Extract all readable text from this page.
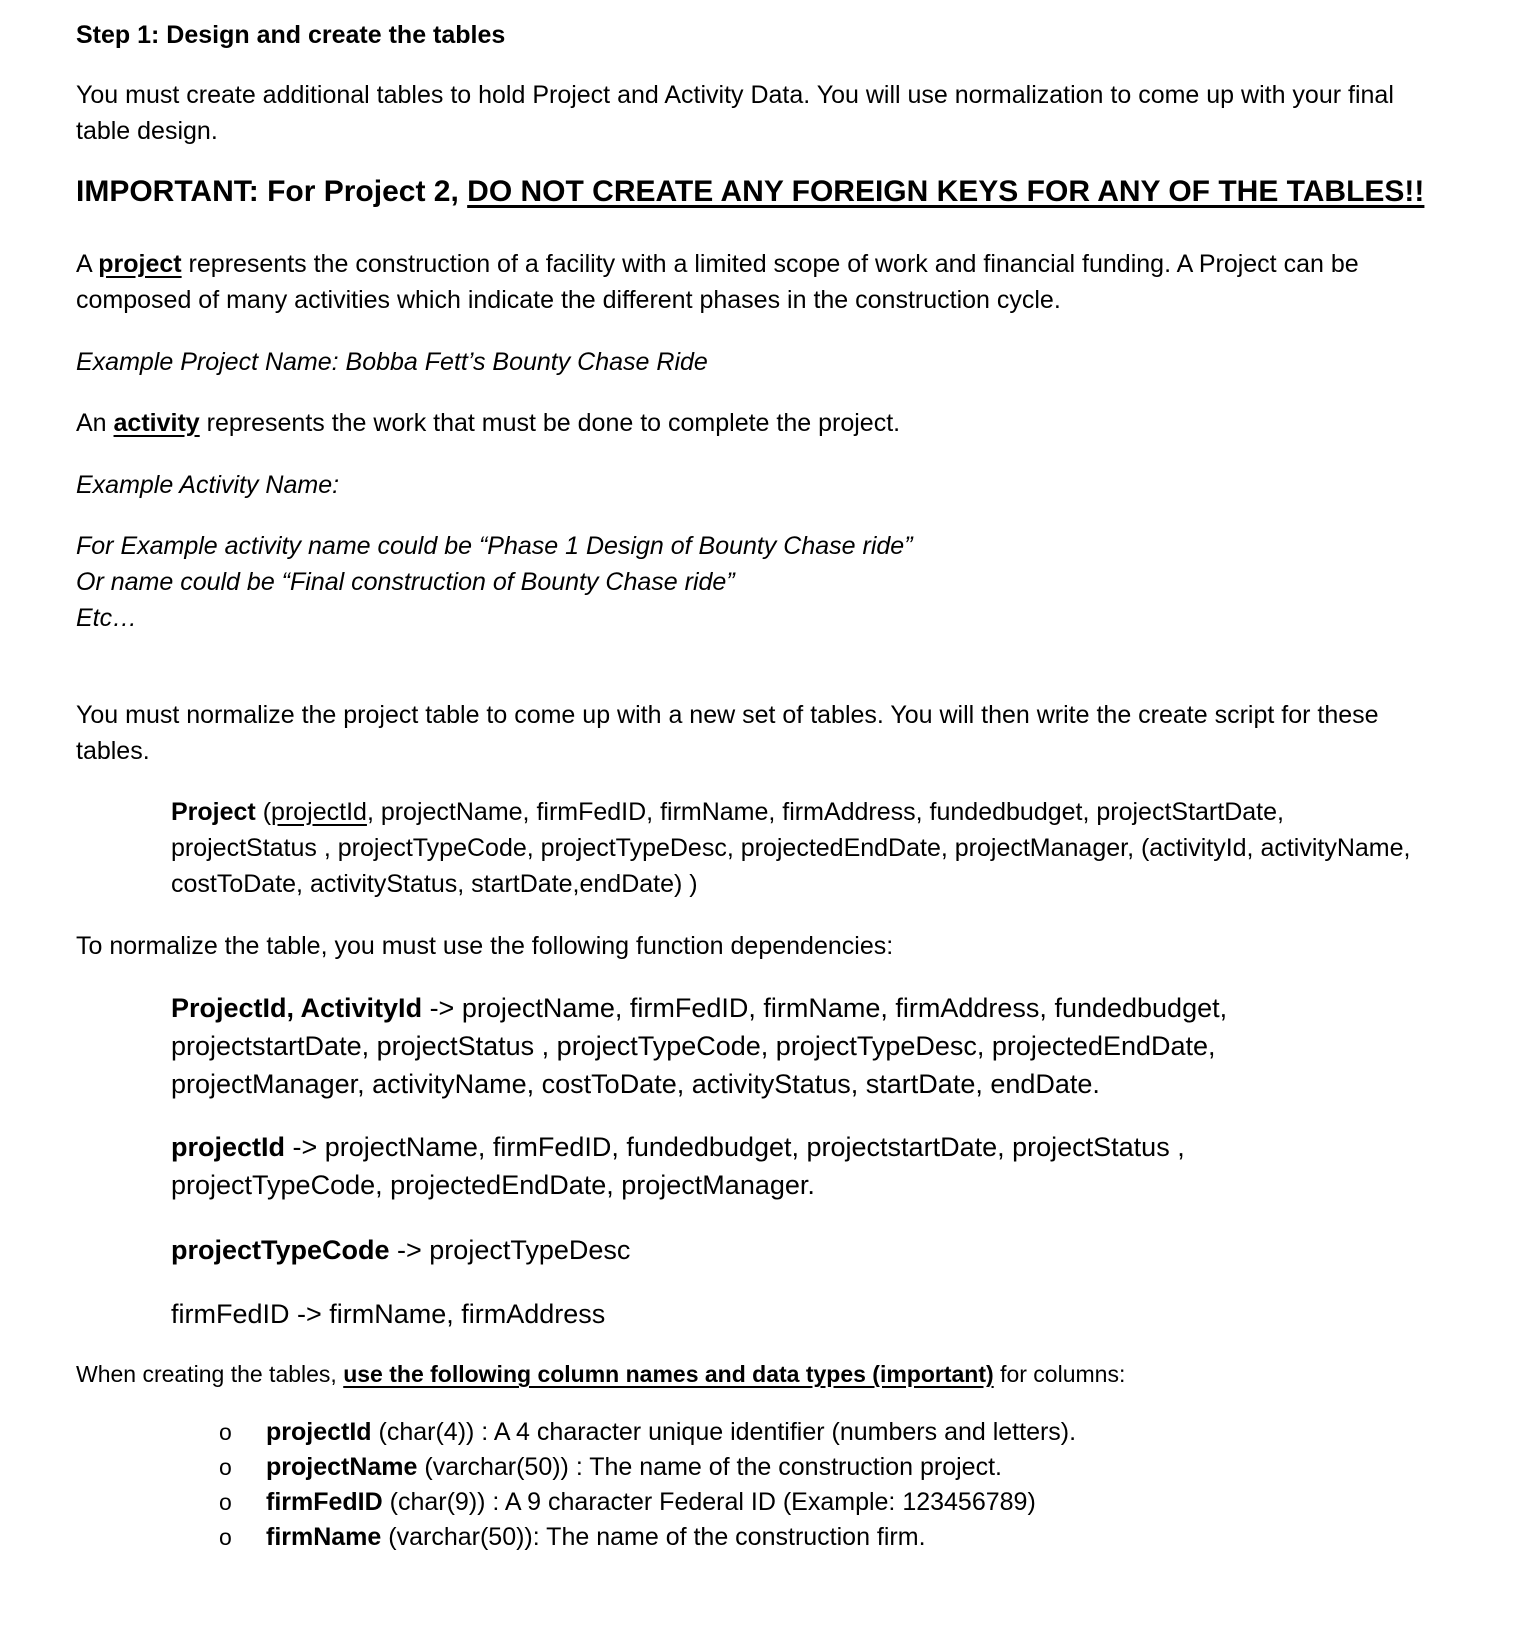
Step 1: Design and create the tables
You must create additional tables to hold Project and Activity Data. You will use normalization to come up with your final
table design.
IMPORTANT: For Project 2, DO NOT CREATE ANY FOREIGN KEYS FOR ANY OF THE TABLES!!
A project represents the construction of a facility with a limited scope of work and financial funding. A Project can be
composed of many activities which indicate the different phases in the construction cycle.
Example Project Name: Bobba Fett’s Bounty Chase Ride
An activity represents the work that must be done to complete the project.
Example Activity Name:
For Example activity name could be “Phase 1 Design of Bounty Chase ride”
Or name could be “Final construction of Bounty Chase ride”
Etc…
You must normalize the project table to come up with a new set of tables. You will then write the create script for these
tables.
Project (projectId, projectName, firmFedID, firmName, firmAddress, fundedbudget, projectStartDate,
projectStatus , projectTypeCode, projectTypeDesc, projectedEndDate, projectManager, (activityId, activityName,
costToDate, activityStatus, startDate,endDate) )
To normalize the table, you must use the following function dependencies:
ProjectId, ActivityId -> projectName, firmFedID, firmName, firmAddress, fundedbudget,
projectstartDate, projectStatus , projectTypeCode, projectTypeDesc, projectedEndDate,
projectManager, activityName, costToDate, activityStatus, startDate, endDate.
projectId -> projectName, firmFedID, fundedbudget, projectstartDate, projectStatus ,
projectTypeCode, projectedEndDate, projectManager.
projectTypeCode -> projectTypeDesc
firmFedID -> firmName, firmAddress
When creating the tables, use the following column names and data types (important) for columns:
o projectId (char(4)) : A 4 character unique identifier (numbers and letters).
o projectName (varchar(50)) : The name of the construction project.
o firmFedID (char(9)) : A 9 character Federal ID (Example: 123456789)
o firmName (varchar(50)): The name of the construction firm.
